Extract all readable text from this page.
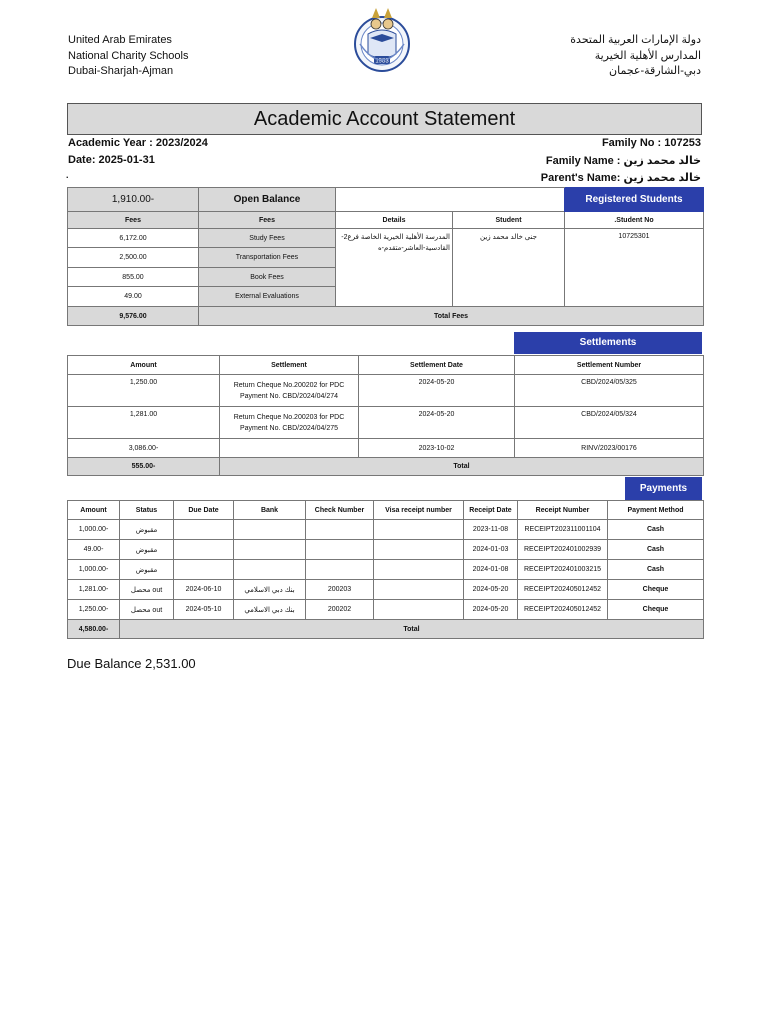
United Arab Emirates
National Charity Schools
Dubai-Sharjah-Ajman
1983
دولة الإمارات العربية المتحدة
المدارس الأهلية الخيرية
دبي-الشارقة-عجمان
Academic Account Statement
Academic Year : 2023/2024
Date: 2025-01-31
.
Family No : 107253
Family Name : خالد محمد زين
Parent's Name: خالد محمد زين
1,910.00-	Open Balance			Registered Students
Fees	Fees	Details	Student	.Student No
6,172.00	Study Fees	المدرسة الأهلية الخيرية الخاصة فرع2-القادسية-العاشر-متقدم-ه	جنى خالد محمد زين	10725301
2,500.00	Transportation Fees			
855.00	Book Fees			
49.00	External Evaluations			
9,576.00	Total Fees			
Settlements
Amount	Settlement	Settlement Date	Settlement Number
1,250.00	Return Cheque No.200202 for PDC Payment No. CBD/2024/04/274	2024-05-20	CBD/2024/05/325
1,281.00	Return Cheque No.200203 for PDC Payment No. CBD/2024/04/275	2024-05-20	CBD/2024/05/324
3,086.00-		2023-10-02	RINV/2023/00176
555.00-	Total		
Payments
Amount	Status	Due Date	Bank	Check Number	Visa receipt number	Receipt Date	Receipt Number	Payment Method
1,000.00-	مقبوض					2023-11-08	RECEIPT202311001104	Cash
49.00-	مقبوض					2024-01-03	RECEIPT202401002939	Cash
1,000.00-	مقبوض					2024-01-08	RECEIPT202401003215	Cash
1,281.00-	out محصل	2024-06-10	بنك دبي الاسلامي	200203		2024-05-20	RECEIPT202405012452	Cheque
1,250.00-	out محصل	2024-05-10	بنك دبي الاسلامي	200202		2024-05-20	RECEIPT202405012452	Cheque
4,580.00-	Total							
Due Balance 2,531.00
